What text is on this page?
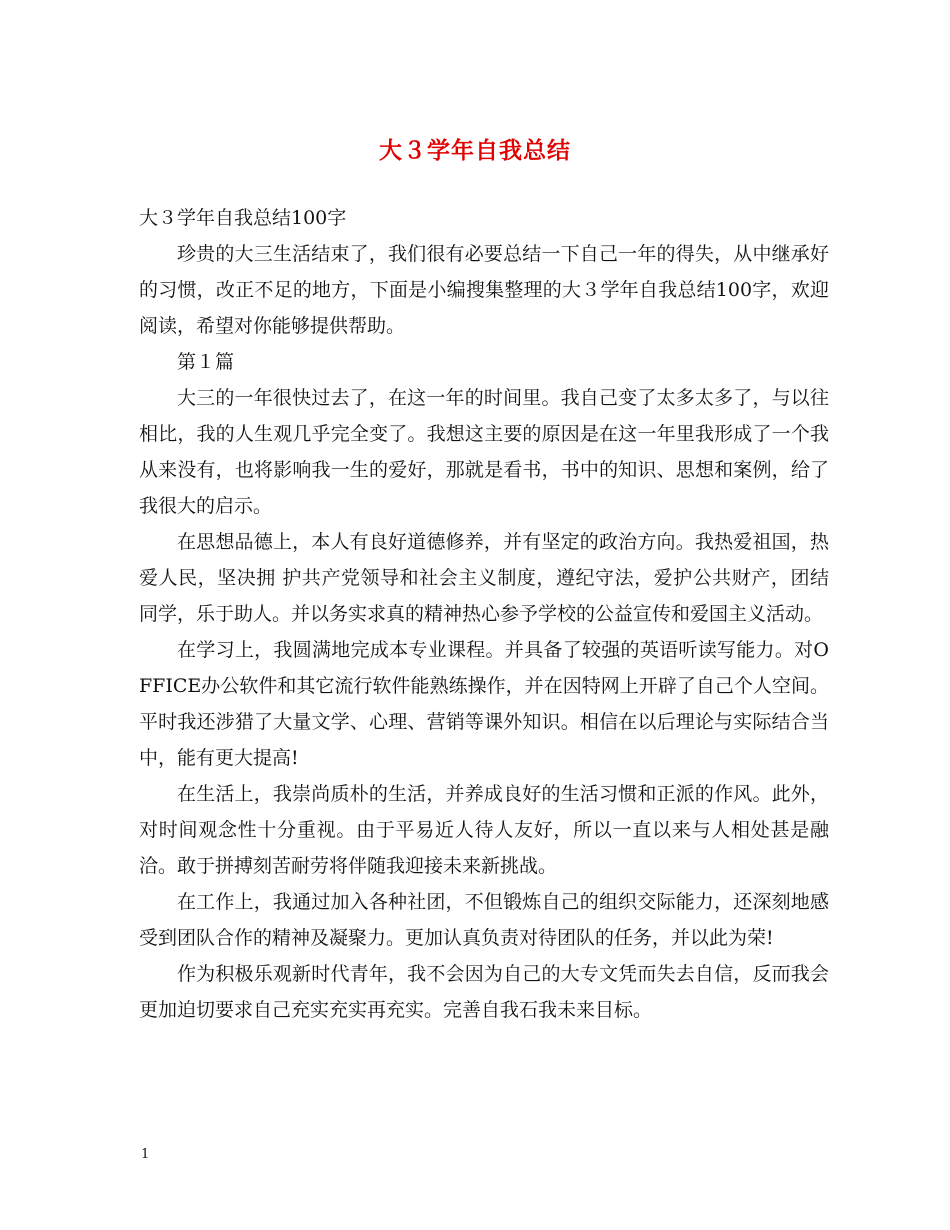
大３学年自我总结

大３学年自我总结100字

珍贵的大三生活结束了，我们很有必要总结一下自己一年的得失，从中继承好的习惯，改正不足的地方，下面是小编搜集整理的大３学年自我总结100字，欢迎阅读，希望对你能够提供帮助。

第１篇

大三的一年很快过去了，在这一年的时间里。我自己变了太多太多了，与以往相比，我的人生观几乎完全变了。我想这主要的原因是在这一年里我形成了一个我从来没有，也将影响我一生的爱好，那就是看书，书中的知识、思想和案例，给了我很大的启示。

在思想品德上，本人有良好道德修养，并有坚定的政治方向。我热爱祖国，热爱人民，坚决拥 护共产党领导和社会主义制度，遵纪守法，爱护公共财产，团结同学，乐于助人。并以务实求真的精神热心参予学校的公益宣传和爱国主义活动。

在学习上，我圆满地完成本专业课程。并具备了较强的英语听读写能力。对OFFICE办公软件和其它流行软件能熟练操作，并在因特网上开辟了自己个人空间。平时我还涉猎了大量文学、心理、营销等课外知识。相信在以后理论与实际结合当中，能有更大提高!

在生活上，我崇尚质朴的生活，并养成良好的生活习惯和正派的作风。此外，对时间观念性十分重视。由于平易近人待人友好，所以一直以来与人相处甚是融洽。敢于拼搏刻苦耐劳将伴随我迎接未来新挑战。

在工作上，我通过加入各种社团，不但锻炼自己的组织交际能力，还深刻地感受到团队合作的精神及凝聚力。更加认真负责对待团队的任务，并以此为荣!

作为积极乐观新时代青年，我不会因为自己的大专文凭而失去自信，反而我会更加迫切要求自己充实充实再充实。完善自我石我未来目标。

1
